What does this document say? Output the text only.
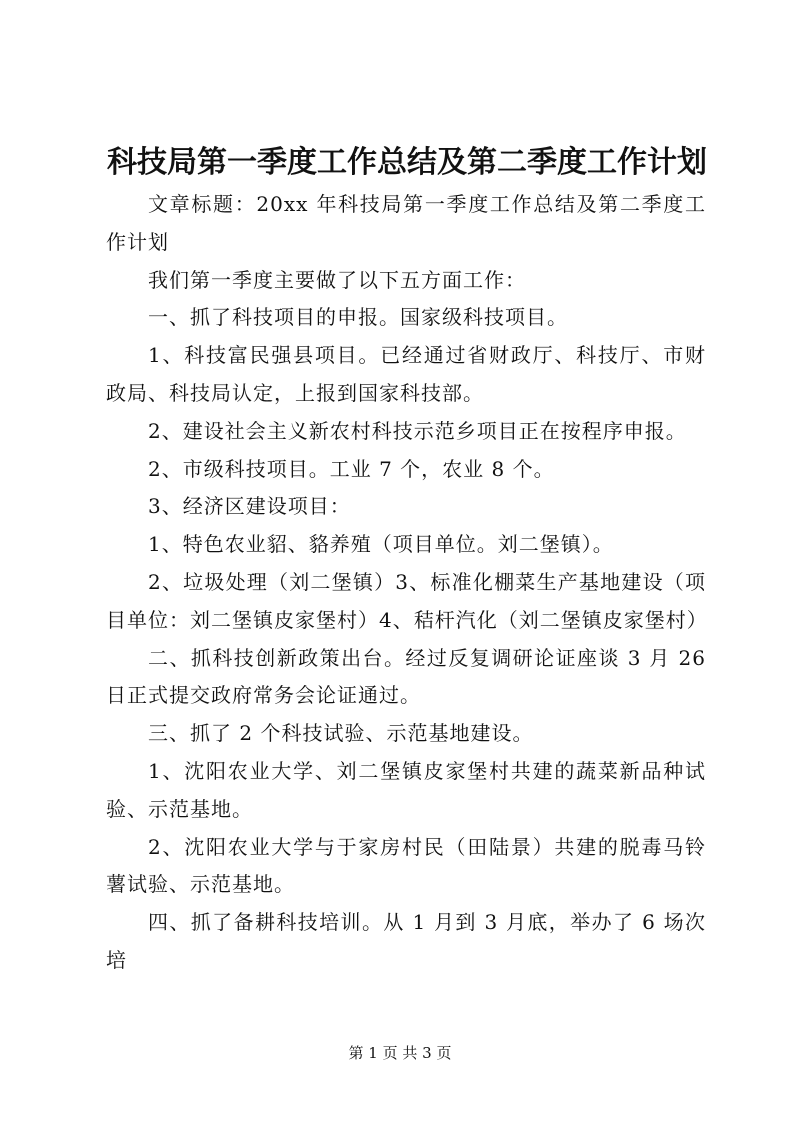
科技局第一季度工作总结及第二季度工作计划

文章标题：20xx 年科技局第一季度工作总结及第二季度工作计划

我们第一季度主要做了以下五方面工作：

一、抓了科技项目的申报。国家级科技项目。

1、科技富民强县项目。已经通过省财政厅、科技厅、市财政局、科技局认定，上报到国家科技部。

2、建设社会主义新农村科技示范乡项目正在按程序申报。

2、市级科技项目。工业 7 个，农业 8 个。

3、经济区建设项目：

1、特色农业貂、貉养殖（项目单位。刘二堡镇）。

2、垃圾处理（刘二堡镇）3、标准化棚菜生产基地建设（项目单位：刘二堡镇皮家堡村）4、秸杆汽化（刘二堡镇皮家堡村）

二、抓科技创新政策出台。经过反复调研论证座谈 3 月 26 日正式提交政府常务会论证通过。

三、抓了 2 个科技试验、示范基地建设。

1、沈阳农业大学、刘二堡镇皮家堡村共建的蔬菜新品种试验、示范基地。

2、沈阳农业大学与于家房村民（田陆景）共建的脱毒马铃薯试验、示范基地。

四、抓了备耕科技培训。从 1 月到 3 月底，举办了 6 场次培

第 1 页 共 3 页
